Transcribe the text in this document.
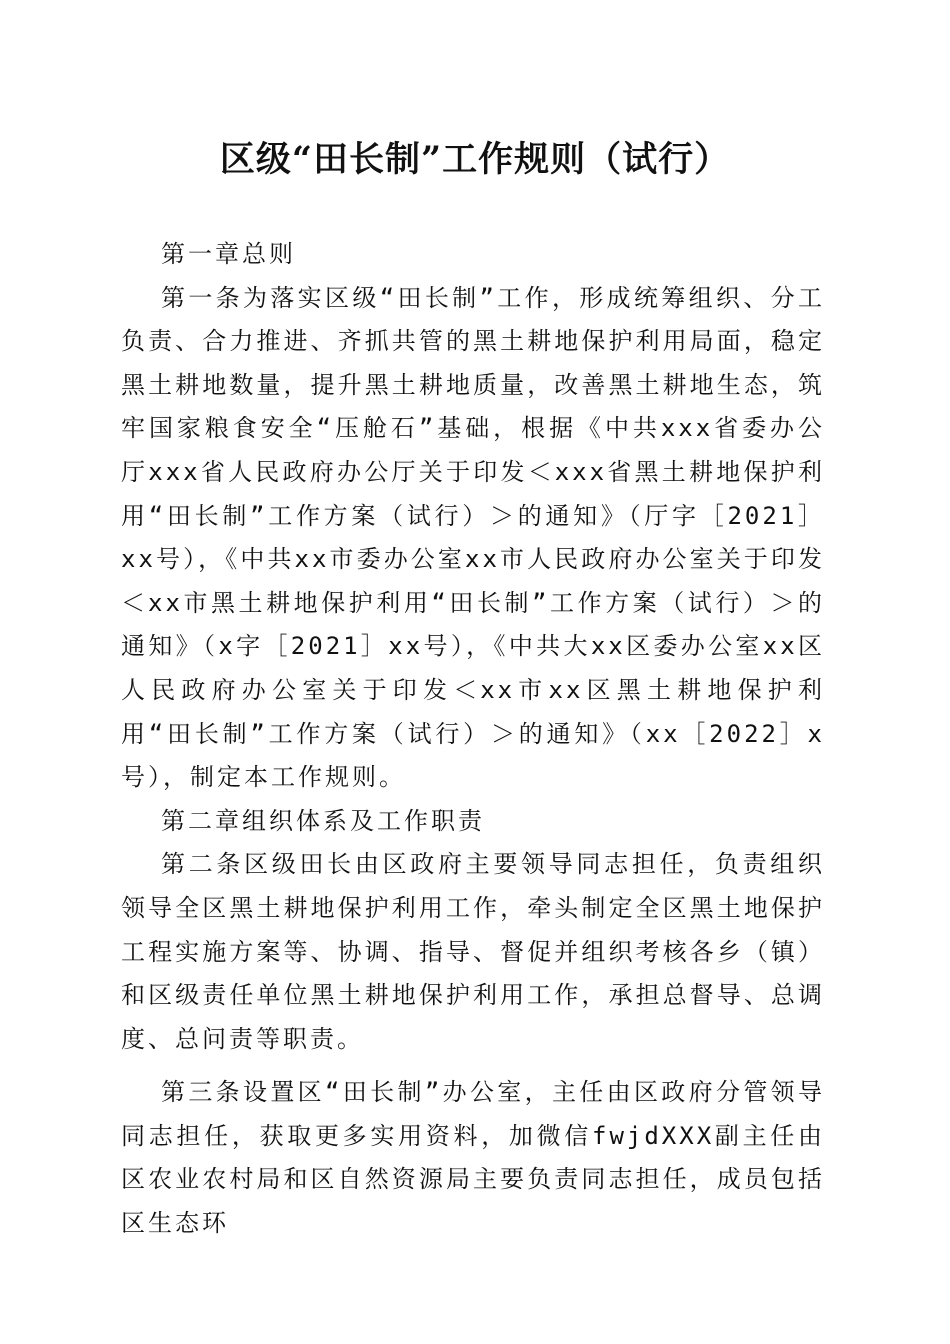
区级“田长制”工作规则（试行）

第一章总则

第一条为落实区级“田长制”工作，形成统筹组织、分工负责、合力推进、齐抓共管的黑土耕地保护利用局面，稳定黑土耕地数量，提升黑土耕地质量，改善黑土耕地生态，筑牢国家粮食安全“压舱石”基础，根据《中共xxx省委办公厅xxx省人民政府办公厅关于印发＜xxx省黑土耕地保护利用“田长制”工作方案（试行）＞的通知》（厅字［2021］xx号），《中共xx市委办公室xx市人民政府办公室关于印发＜xx市黑土耕地保护利用“田长制”工作方案（试行）＞的通知》（x字［2021］xx号），《中共大xx区委办公室xx区人民政府办公室关于印发＜xx市xx区黑土耕地保护利用“田长制”工作方案（试行）＞的通知》（xx［2022］x号），制定本工作规则。

第二章组织体系及工作职责

第二条区级田长由区政府主要领导同志担任，负责组织领导全区黑土耕地保护利用工作，牵头制定全区黑土地保护工程实施方案等、协调、指导、督促并组织考核各乡（镇）和区级责任单位黑土耕地保护利用工作，承担总督导、总调度、总问责等职责。

第三条设置区“田长制”办公室，主任由区政府分管领导同志担任，获取更多实用资料，加微信fwjdXXX副主任由区农业农村局和区自然资源局主要负责同志担任，成员包括区生态环
